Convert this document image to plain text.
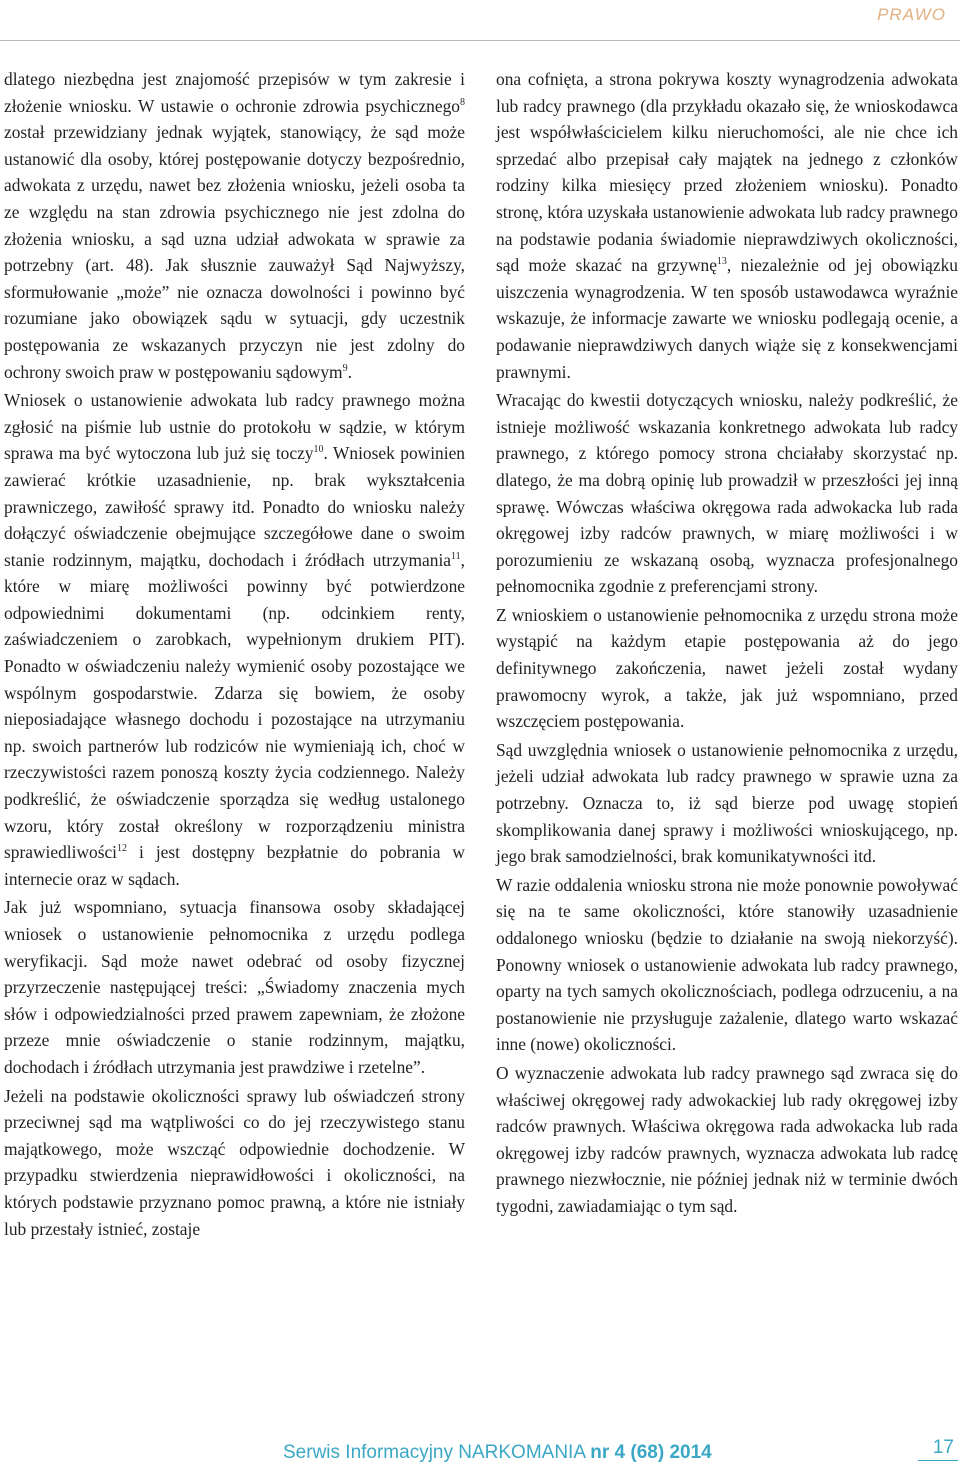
PRAWO

dlatego niezbędna jest znajomość przepisów w tym zakresie i złożenie wniosku. W ustawie o ochronie zdrowia psychicznego$^8$ został przewidziany jednak wyjątek, stanowiący, że sąd może ustanowić dla osoby, której postępowanie dotyczy bezpośrednio, adwokata z urzędu, nawet bez złożenia wniosku, jeżeli osoba ta ze względu na stan zdrowia psychicznego nie jest zdolna do złożenia wniosku, a sąd uzna udział adwokata w sprawie za potrzebny (art. 48). Jak słusznie zauważył Sąd Najwyższy, sformułowanie „może” nie oznacza dowolności i powinno być rozumiane jako obowiązek sądu w sytuacji, gdy uczestnik postępowania ze wskazanych przyczyn nie jest zdolny do ochrony swoich praw w postępowaniu sądowym$^9$.

Wniosek o ustanowienie adwokata lub radcy prawnego można zgłosić na piśmie lub ustnie do protokołu w sądzie, w którym sprawa ma być wytoczona lub już się toczy$^{10}$. Wniosek powinien zawierać krótkie uzasadnienie, np. brak wykształcenia prawniczego, zawiłość sprawy itd. Ponadto do wniosku należy dołączyć oświadczenie obejmujące szczegółowe dane o swoim stanie rodzinnym, majątku, dochodach i źródłach utrzymania$^{11}$, które w miarę możliwości powinny być potwierdzone odpowiednimi dokumentami (np. odcinkiem renty, zaświadczeniem o zarobkach, wypełnionym drukiem PIT). Ponadto w oświadczeniu należy wymienić osoby pozostające we wspólnym gospodarstwie. Zdarza się bowiem, że osoby nieposiadające własnego dochodu i pozostające na utrzymaniu np. swoich partnerów lub rodziców nie wymieniają ich, choć w rzeczywistości razem ponoszą koszty życia codziennego. Należy podkreślić, że oświadczenie sporządza się według ustalonego wzoru, który został określony w rozporządzeniu ministra sprawiedliwości$^{12}$ i jest dostępny bezpłatnie do pobrania w internecie oraz w sądach.

Jak już wspomniano, sytuacja finansowa osoby składającej wniosek o ustanowienie pełnomocnika z urzędu podlega weryfikacji. Sąd może nawet odebrać od osoby fizycznej przyrzeczenie następującej treści: „Świadomy znaczenia mych słów i odpowiedzialności przed prawem zapewniam, że złożone przeze mnie oświadczenie o stanie rodzinnym, majątku, dochodach i źródłach utrzymania jest prawdziwe i rzetelne”.

Jeżeli na podstawie okoliczności sprawy lub oświadczeń strony przeciwnej sąd ma wątpliwości co do jej rzeczywistego stanu majątkowego, może wszcząć odpowiednie dochodzenie. W przypadku stwierdzenia nieprawidłowości i okoliczności, na których podstawie przyznano pomoc prawną, a które nie istniały lub przestały istnieć, zostaje

ona cofnięta, a strona pokrywa koszty wynagrodzenia adwokata lub radcy prawnego (dla przykładu okazało się, że wnioskodawca jest współwłaścicielem kilku nieruchomości, ale nie chce ich sprzedać albo przepisał cały majątek na jednego z członków rodziny kilka miesięcy przed złożeniem wniosku). Ponadto stronę, która uzyskała ustanowienie adwokata lub radcy prawnego na podstawie podania świadomie nieprawdziwych okoliczności, sąd może skazać na grzywnę$^{13}$, niezależnie od jej obowiązku uiszczenia wynagrodzenia. W ten sposób ustawodawca wyraźnie wskazuje, że informacje zawarte we wniosku podlegają ocenie, a podawanie nieprawdziwych danych wiąże się z konsekwencjami prawnymi.

Wracając do kwestii dotyczących wniosku, należy podkreślić, że istnieje możliwość wskazania konkretnego adwokata lub radcy prawnego, z którego pomocy strona chciałaby skorzystać np. dlatego, że ma dobrą opinię lub prowadził w przeszłości jej inną sprawę. Wówczas właściwa okręgowa rada adwokacka lub rada okręgowej izby radców prawnych, w miarę możliwości i w porozumieniu ze wskazaną osobą, wyznacza profesjonalnego pełnomocnika zgodnie z preferencjami strony.

Z wnioskiem o ustanowienie pełnomocnika z urzędu strona może wystąpić na każdym etapie postępowania aż do jego definitywnego zakończenia, nawet jeżeli został wydany prawomocny wyrok, a także, jak już wspomniano, przed wszczęciem postępowania.

Sąd uwzględnia wniosek o ustanowienie pełnomocnika z urzędu, jeżeli udział adwokata lub radcy prawnego w sprawie uzna za potrzebny. Oznacza to, iż sąd bierze pod uwagę stopień skomplikowania danej sprawy i możliwości wnioskującego, np. jego brak samodzielności, brak komunikatywności itd.

W razie oddalenia wniosku strona nie może ponownie powoływać się na te same okoliczności, które stanowiły uzasadnienie oddalonego wniosku (będzie to działanie na swoją niekorzyść). Ponowny wniosek o ustanowienie adwokata lub radcy prawnego, oparty na tych samych okolicznościach, podlega odrzuceniu, a na postanowienie nie przysługuje zażalenie, dlatego warto wskazać inne (nowe) okoliczności.

O wyznaczenie adwokata lub radcy prawnego sąd zwraca się do właściwej okręgowej rady adwokackiej lub rady okręgowej izby radców prawnych. Właściwa okręgowa rada adwokacka lub rada okręgowej izby radców prawnych, wyznacza adwokata lub radcę prawnego niezwłocznie, nie później jednak niż w terminie dwóch tygodni, zawiadamiając o tym sąd.

Serwis Informacyjny NARKOMANIA nr 4 (68) 2014	17
